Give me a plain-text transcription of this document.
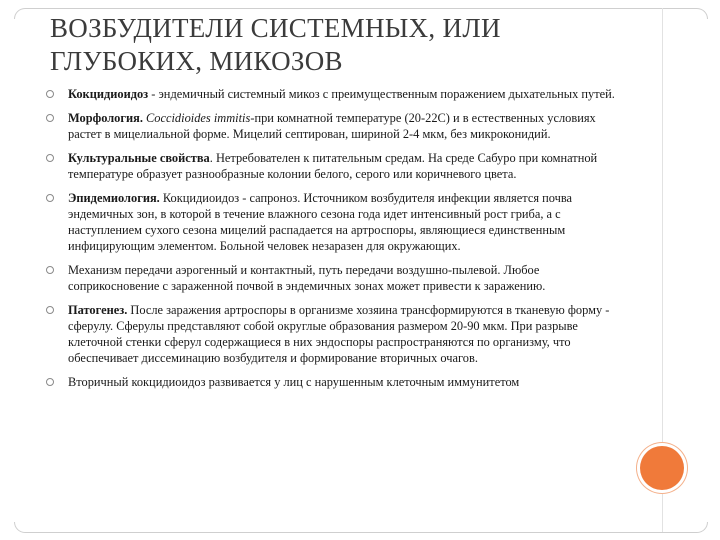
ВОЗБУДИТЕЛИ СИСТЕМНЫХ, ИЛИ
ГЛУБОКИХ, МИКОЗОВ
Кокцидиоидоз - эндемичный системный микоз с преимущественным поражением дыхательных путей.
Морфология. Coccidioides immitis-при комнатной температуре (20-22С) и в естественных условиях растет в мицелиальной форме. Мицелий септирован, шириной 2-4 мкм, без микроконидий.
Культуральные свойства. Нетребователен к питательным средам. На среде Сабуро при комнатной температуре образует разнообразные колонии белого, серого или коричневого цвета.
Эпидемиология. Кокцидиоидоз - сапроноз. Источником возбудителя инфекции является почва эндемичных зон, в которой в течение влажного сезона года идет интенсивный рост гриба, а с наступлением сухого сезона мицелий распадается на артроспоры, являющиеся единственным инфицирующим элементом. Больной человек незаразен для окружающих.
Механизм передачи аэрогенный и контактный, путь передачи воздушно-пылевой. Любое соприкосновение с зараженной почвой в эндемичных зонах может привести к заражению.
Патогенез. После заражения артроспоры в организме хозяина трансформируются в тканевую форму - сферулу. Сферулы представляют собой округлые образования размером 20-90 мкм. При разрыве клеточной стенки сферул содержащиеся в них эндоспоры распространяются по организму, что обеспечивает диссеминацию возбудителя и формирование вторичных очагов.
Вторичный кокцидиоидоз развивается у лиц с нарушенным клеточным иммунитетом
